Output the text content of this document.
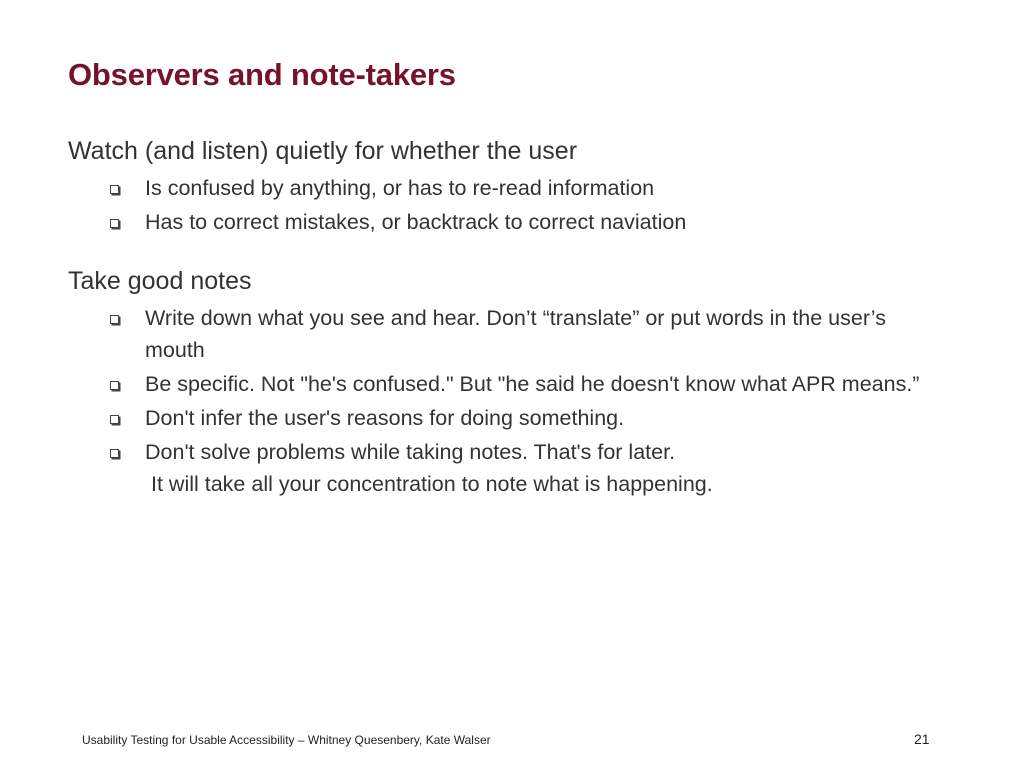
Observers and note-takers

Watch (and listen) quietly for whether the user

Is confused by anything, or has to re-read information
Has to correct mistakes, or backtrack to correct naviation

Take good notes

Write down what you see and hear. Don’t “translate” or put words in the user’s mouth
Be specific. Not "he's confused." But "he said he doesn't know what APR means.”
Don't infer the user's reasons for doing something.
Don't solve problems while taking notes. That's for later.
It will take all your concentration to note what is happening.
Usability Testing for Usable Accessibility – Whitney Quesenbery, Kate Walser	21
